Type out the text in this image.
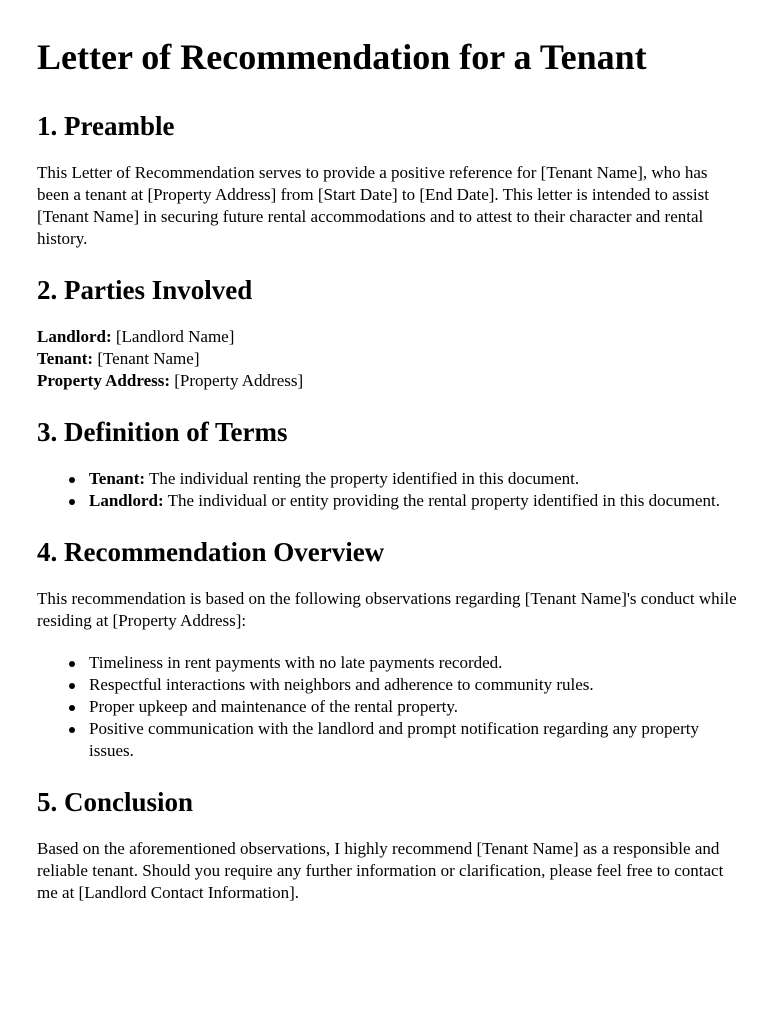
Letter of Recommendation for a Tenant
1. Preamble

This Letter of Recommendation serves to provide a positive reference for [Tenant Name], who has been a tenant at [Property Address] from [Start Date] to [End Date]. This letter is intended to assist [Tenant Name] in securing future rental accommodations and to attest to their character and rental history.

2. Parties Involved
Landlord: [Landlord Name]
Tenant: [Tenant Name]
Property Address: [Property Address]
3. Definition of Terms
Tenant: The individual renting the property identified in this document.
Landlord: The individual or entity providing the rental property identified in this document.
4. Recommendation Overview

This recommendation is based on the following observations regarding [Tenant Name]'s conduct while residing at [Property Address]:

Timeliness in rent payments with no late payments recorded.
Respectful interactions with neighbors and adherence to community rules.
Proper upkeep and maintenance of the rental property.
Positive communication with the landlord and prompt notification regarding any property issues.
5. Conclusion

Based on the aforementioned observations, I highly recommend [Tenant Name] as a responsible and reliable tenant. Should you require any further information or clarification, please feel free to contact me at [Landlord Contact Information].
